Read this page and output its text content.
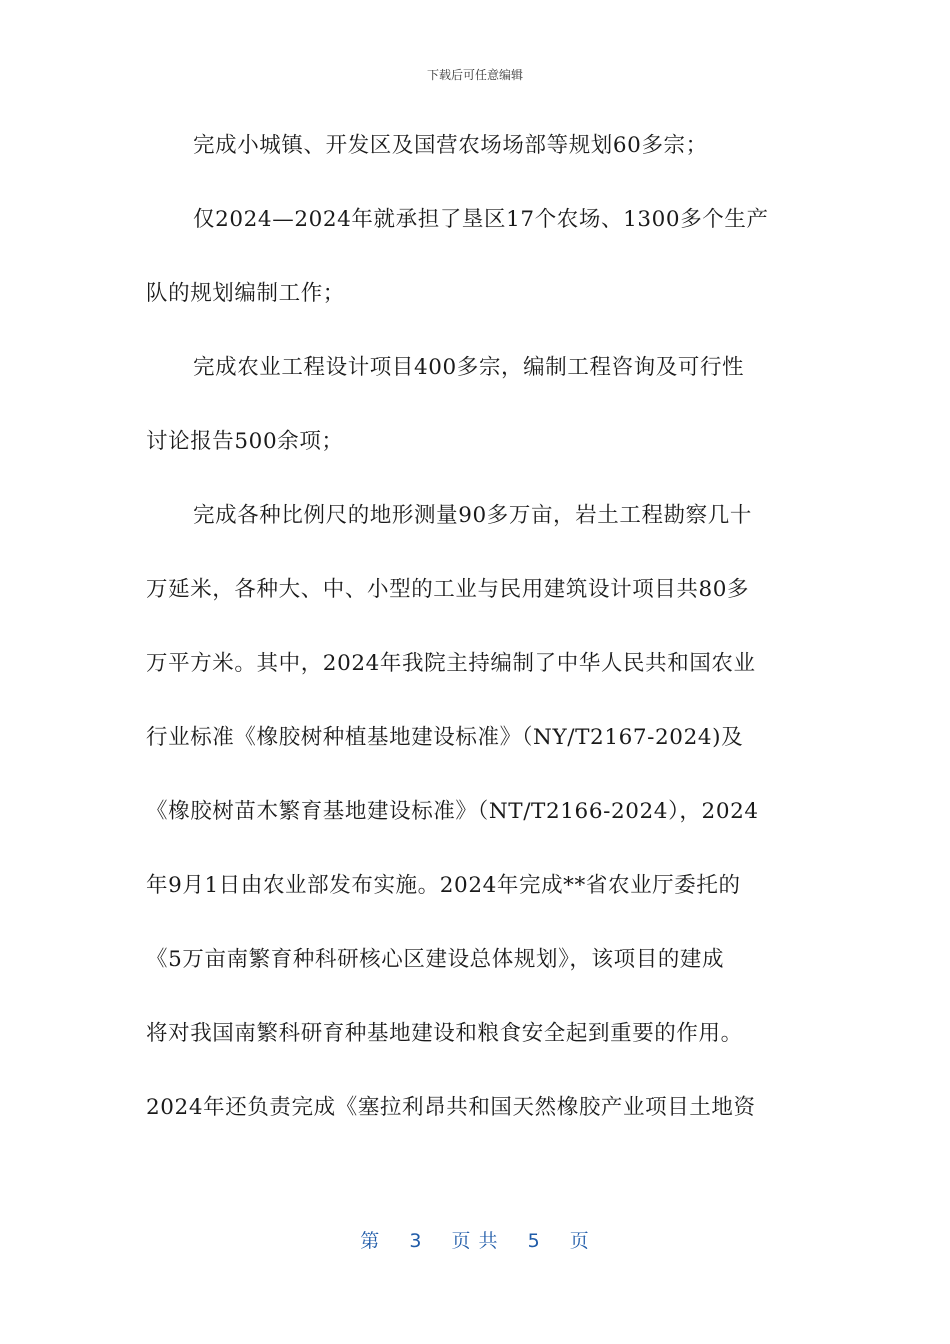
下载后可任意编辑
完成小城镇、开发区及国营农场场部等规划60多宗；
仅2024—2024年就承担了垦区17个农场、1300多个生产
队的规划编制工作；
完成农业工程设计项目400多宗，编制工程咨询及可行性
讨论报告500余项；
完成各种比例尺的地形测量90多万亩，岩土工程勘察几十
万延米，各种大、中、小型的工业与民用建筑设计项目共80多
万平方米。其中，2024年我院主持编制了中华人民共和国农业
行业标准《橡胶树种植基地建设标准》（NY/T2167-2024)及
《橡胶树苗木繁育基地建设标准》（NT/T2166-2024），2024
年9月1日由农业部发布实施。2024年完成**省农业厅委托的
《5万亩南繁育种科研核心区建设总体规划》，该项目的建成
将对我国南繁科研育种基地建设和粮食安全起到重要的作用。
2024年还负责完成《塞拉利昂共和国天然橡胶产业项目土地资
第 3 页 共 5 页
